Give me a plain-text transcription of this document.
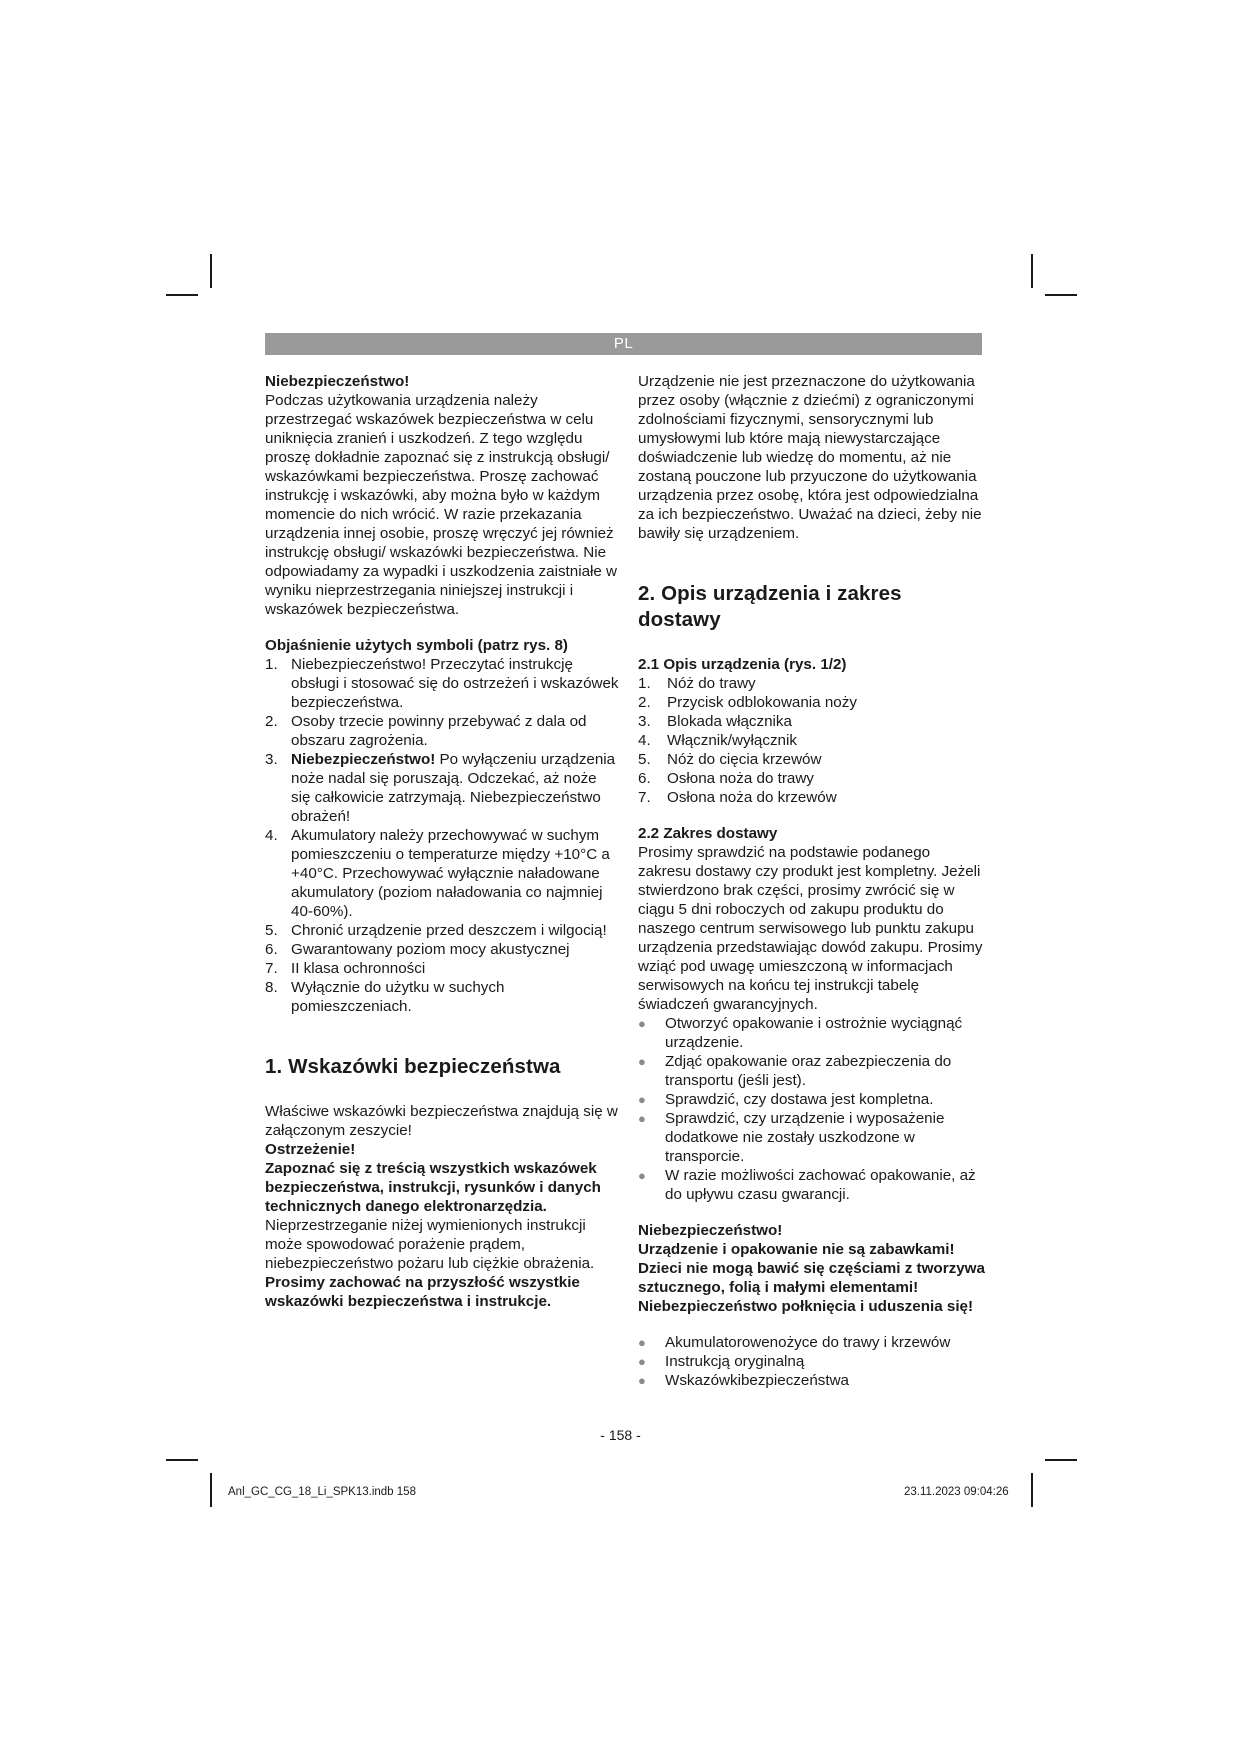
PL

Niebezpieczeństwo!

Podczas użytkowania urządzenia należy przestrzegać wskazówek bezpieczeństwa w celu uniknięcia zranień i uszkodzeń. Z tego względu proszę dokładnie zapoznać się z instrukcją obsługi/ wskazówkami bezpieczeństwa. Proszę zachować instrukcję i wskazówki, aby można było w każdym momencie do nich wrócić. W razie przekazania urządzenia innej osobie, proszę wręczyć jej również instrukcję obsługi/ wskazówki bezpieczeństwa. Nie odpowiadamy za wypadki i uszkodzenia zaistniałe w wyniku nieprzestrzegania niniejszej instrukcji i wskazówek bezpieczeństwa.

Objaśnienie użytych symboli (patrz rys. 8)
1. Niebezpieczeństwo! Przeczytać instrukcję obsługi i stosować się do ostrzeżeń i wskazówek bezpieczeństwa.
2. Osoby trzecie powinny przebywać z dala od obszaru zagrożenia.
3. Niebezpieczeństwo! Po wyłączeniu urządzenia noże nadal się poruszają. Odczekać, aż noże się całkowicie zatrzymają. Niebezpieczeństwo obrażeń!
4. Akumulatory należy przechowywać w suchym pomieszczeniu o temperaturze między +10°C a +40°C. Przechowywać wyłącznie naładowane akumulatory (poziom naładowania co najmniej 40-60%).
5. Chronić urządzenie przed deszczem i wilgocią!
6. Gwarantowany poziom mocy akustycznej
7. II klasa ochronności
8. Wyłącznie do użytku w suchych pomieszczeniach.
1. Wskazówki bezpieczeństwa

Właściwe wskazówki bezpieczeństwa znajdują się w załączonym zeszycie!

Ostrzeżenie!

Zapoznać się z treścią wszystkich wskazówek bezpieczeństwa, instrukcji, rysunków i danych technicznych danego elektronarzędzia. Nieprzestrzeganie niżej wymienionych instrukcji może spowodować porażenie prądem, niebezpieczeństwo pożaru lub ciężkie obrażenia.

Prosimy zachować na przyszłość wszystkie wskazówki bezpieczeństwa i instrukcje.

Urządzenie nie jest przeznaczone do użytkowania przez osoby (włącznie z dziećmi) z ograniczonymi zdolnościami fizycznymi, sensorycznymi lub umysłowymi lub które mają niewystarczające doświadczenie lub wiedzę do momentu, aż nie zostaną pouczone lub przyuczone do użytkowania urządzenia przez osobę, która jest odpowiedzialna za ich bezpieczeństwo. Uważać na dzieci, żeby nie bawiły się urządzeniem.

2. Opis urządzenia i zakres dostawy
2.1 Opis urządzenia (rys. 1/2)
1.	Nóż do trawy
2.	Przycisk odblokowania noży
3.	Blokada włącznika
4.	Włącznik/wyłącznik
5.	Nóż do cięcia krzewów
6.	Osłona noża do trawy
7.	Osłona noża do krzewów
2.2 Zakres dostawy

Prosimy sprawdzić na podstawie podanego zakresu dostawy czy produkt jest kompletny. Jeżeli stwierdzono brak części, prosimy zwrócić się w ciągu 5 dni roboczych od zakupu produktu do naszego centrum serwisowego lub punktu zakupu urządzenia przedstawiając dowód zakupu. Prosimy wziąć pod uwagę umieszczoną w informacjach serwisowych na końcu tej instrukcji tabelę świadczeń gwarancyjnych.

●	Otworzyć opakowanie i ostrożnie wyciągnąć urządzenie.
●	Zdjąć opakowanie oraz zabezpieczenia do transportu (jeśli jest).
●	Sprawdzić, czy dostawa jest kompletna.
●	Sprawdzić, czy urządzenie i wyposażenie dodatkowe nie zostały uszkodzone w transporcie.
●	W razie możliwości zachować opakowanie, aż do upływu czasu gwarancji.

Niebezpieczeństwo!

Urządzenie i opakowanie nie są zabawkami! Dzieci nie mogą bawić się częściami z tworzywa sztucznego, folią i małymi elementami! Niebezpieczeństwo połknięcia i uduszenia się!

●	Akumulatorowenożyce do trawy i krzewów
●	Instrukcją oryginalną
●	Wskazówkibezpieczeństwa
- 158 -
Anl_GC_CG_18_Li_SPK13.indb 158	23.11.2023 09:04:26
